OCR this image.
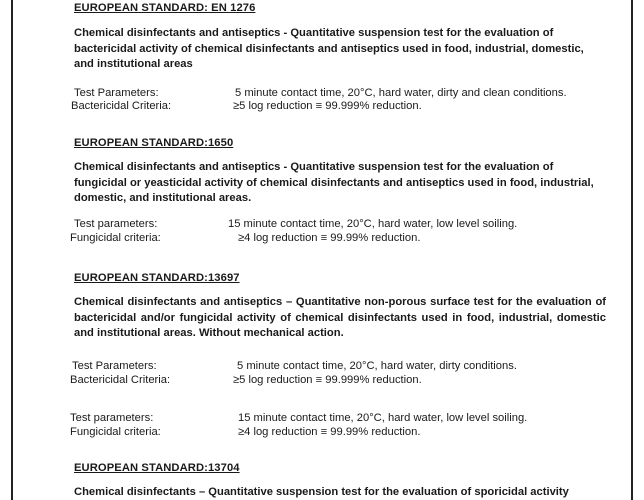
EUROPEAN STANDARD: EN 1276
Chemical disinfectants and antiseptics - Quantitative suspension test for the evaluation of bactericidal activity of chemical disinfectants and antiseptics used in food, industrial, domestic, and institutional areas
Test Parameters:	5 minute contact time, 20°C, hard water, dirty and clean conditions.
Bactericidal Criteria:	≥5 log reduction ≡ 99.999% reduction.
EUROPEAN STANDARD:1650
Chemical disinfectants and antiseptics - Quantitative suspension test for the evaluation of fungicidal or yeasticidal activity of chemical disinfectants and antiseptics used in food, industrial, domestic, and institutional areas.
Test parameters:	15 minute contact time, 20°C, hard water, low level soiling.
Fungicidal criteria:	≥4 log reduction ≡ 99.99% reduction.
EUROPEAN STANDARD:13697
Chemical disinfectants and antiseptics – Quantitative non-porous surface test for the evaluation of bactericidal and/or fungicidal activity of chemical disinfectants used in food, industrial, domestic and institutional areas. Without mechanical action.
Test Parameters:	5 minute contact time, 20°C, hard water, dirty conditions.
Bactericidal Criteria:	≥5 log reduction ≡ 99.999% reduction.
Test parameters:	15 minute contact time, 20°C, hard water, low level soiling.
Fungicidal criteria:	≥4 log reduction ≡ 99.99% reduction.
EUROPEAN STANDARD:13704
Chemical disinfectants – Quantitative suspension test for the evaluation of sporicidal activity
